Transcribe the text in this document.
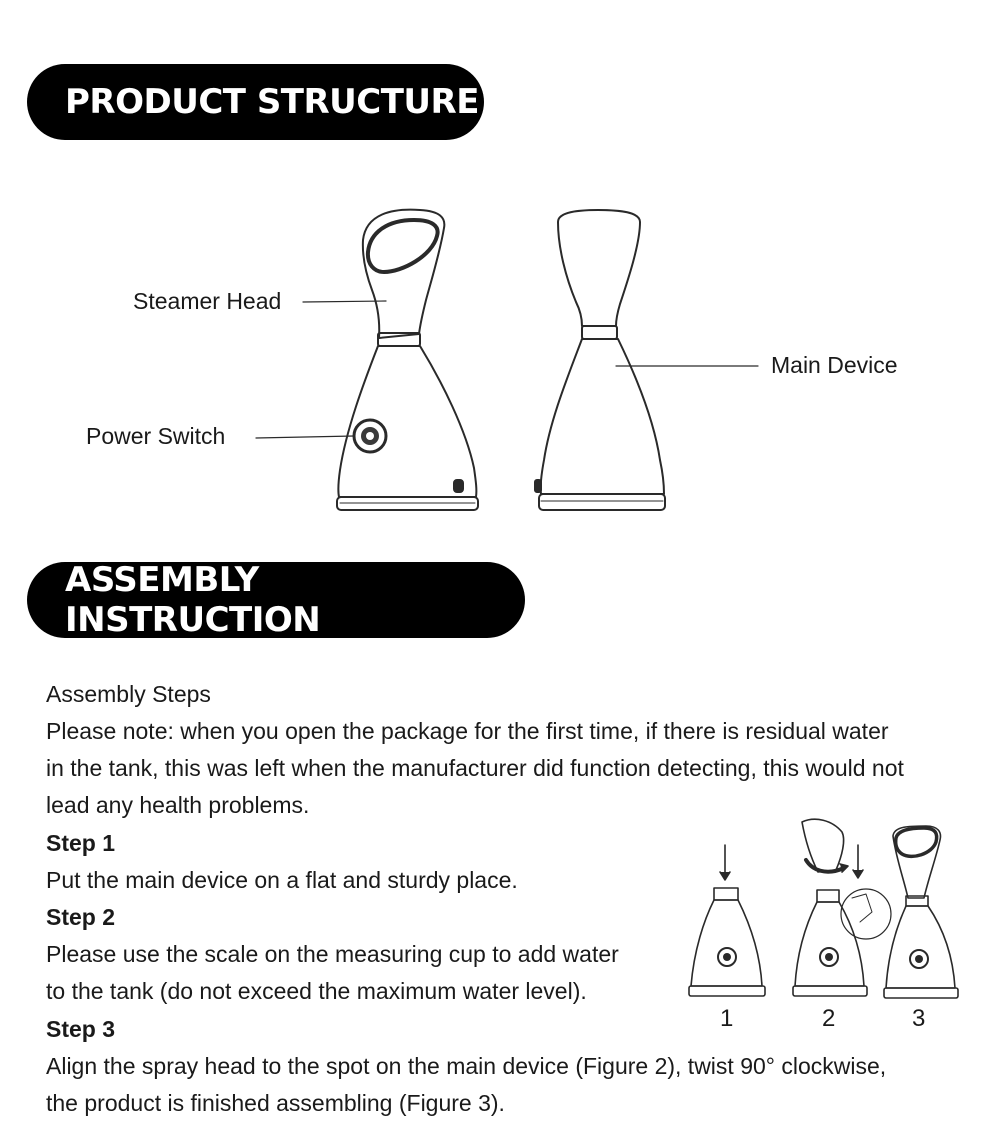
PRODUCT STRUCTURE
ASSEMBLY INSTRUCTION
Steamer Head
Power Switch
Main Device
Assembly Steps
Please note: when you open the package for the first time, if there is residual water
in the tank, this was left when the manufacturer did function detecting, this would not
lead any health problems.
Step 1
Put the main device on a flat and sturdy place.
Step 2
Please use the scale on the measuring cup to add water
to the tank (do not exceed the maximum water level).
Step 3
Align the spray head to the spot on the main device (Figure 2), twist 90° clockwise,
the product is finished assembling (Figure 3).
1	2	3
